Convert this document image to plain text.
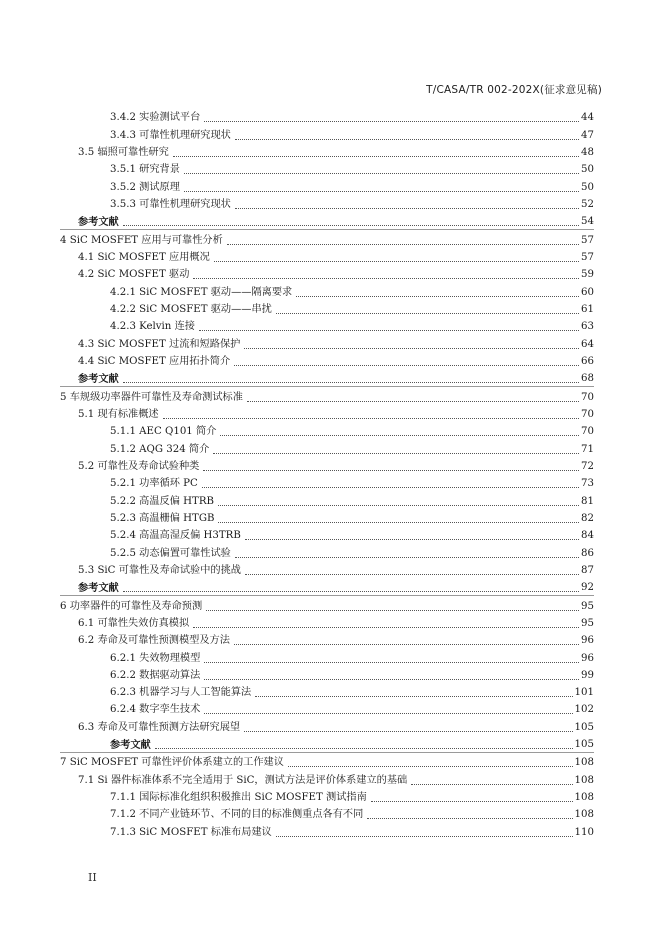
T/CASA/TR 002-202X(征求意见稿)
3.4.2 实验测试平台	44
3.4.3 可靠性机理研究现状	47
3.5 辐照可靠性研究	48
3.5.1 研究背景	50
3.5.2 测试原理	50
3.5.3 可靠性机理研究现状	52
参考文献	54
4 SiC MOSFET 应用与可靠性分析	57
4.1 SiC MOSFET 应用概况	57
4.2 SiC MOSFET 驱动	59
4.2.1 SiC MOSFET 驱动——隔离要求	60
4.2.2 SiC MOSFET 驱动——串扰	61
4.2.3 Kelvin 连接	63
4.3 SiC MOSFET 过流和短路保护	64
4.4 SiC MOSFET 应用拓扑简介	66
参考文献	68
5 车规级功率器件可靠性及寿命测试标准	70
5.1 现有标准概述	70
5.1.1 AEC Q101 简介	70
5.1.2 AQG 324 简介	71
5.2 可靠性及寿命试验种类	72
5.2.1 功率循环 PC	73
5.2.2 高温反偏 HTRB	81
5.2.3 高温栅偏 HTGB	82
5.2.4 高温高湿反偏 H3TRB	84
5.2.5 动态偏置可靠性试验	86
5.3 SiC 可靠性及寿命试验中的挑战	87
参考文献	92
6 功率器件的可靠性及寿命预测	95
6.1 可靠性失效仿真模拟	95
6.2 寿命及可靠性预测模型及方法	96
6.2.1 失效物理模型	96
6.2.2 数据驱动算法	99
6.2.3 机器学习与人工智能算法	101
6.2.4 数字孪生技术	102
6.3 寿命及可靠性预测方法研究展望	105
参考文献	105
7 SiC MOSFET 可靠性评价体系建立的工作建议	108
7.1 Si 器件标准体系不完全适用于 SiC，测试方法是评价体系建立的基础	108
7.1.1 国际标准化组织积极推出 SiC MOSFET 测试指南	108
7.1.2 不同产业链环节、不同的目的标准侧重点各有不同	108
7.1.3 SiC MOSFET 标准布局建议	110
II
